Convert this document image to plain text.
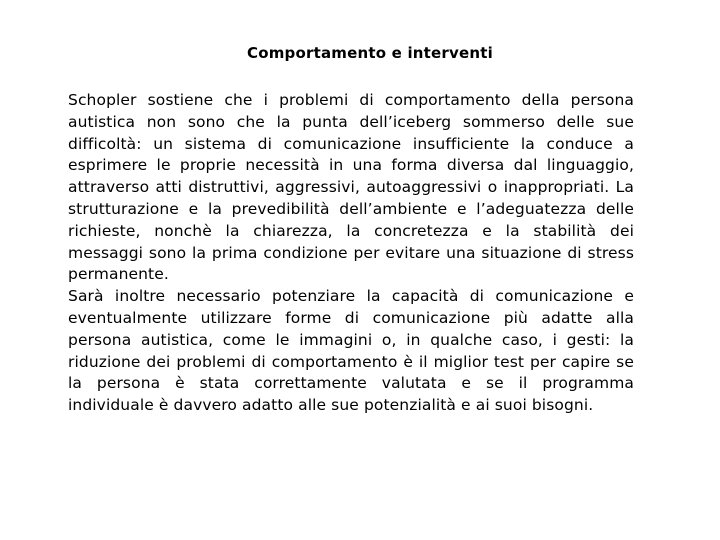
Comportamento e interventi

Schopler sostiene che i problemi di comportamento della persona autistica non sono che la punta dell’iceberg sommerso delle sue difficoltà: un sistema di comunicazione insufficiente la conduce a esprimere le proprie necessità in una forma diversa dal linguaggio, attraverso atti distruttivi, aggressivi, autoaggressivi o inappropriati. La strutturazione e la prevedibilità dell’ambiente e l’adeguatezza delle richieste, nonchè la chiarezza, la concretezza e la stabilità dei messaggi sono la prima condizione per evitare una situazione di stress permanente.

Sarà inoltre necessario potenziare la capacità di comunicazione e eventualmente utilizzare forme di comunicazione più adatte alla persona autistica, come le immagini o, in qualche caso, i gesti: la riduzione dei problemi di comportamento è il miglior test per capire se la persona è stata correttamente valutata e se il programma individuale è davvero adatto alle sue potenzialità e ai suoi bisogni.
